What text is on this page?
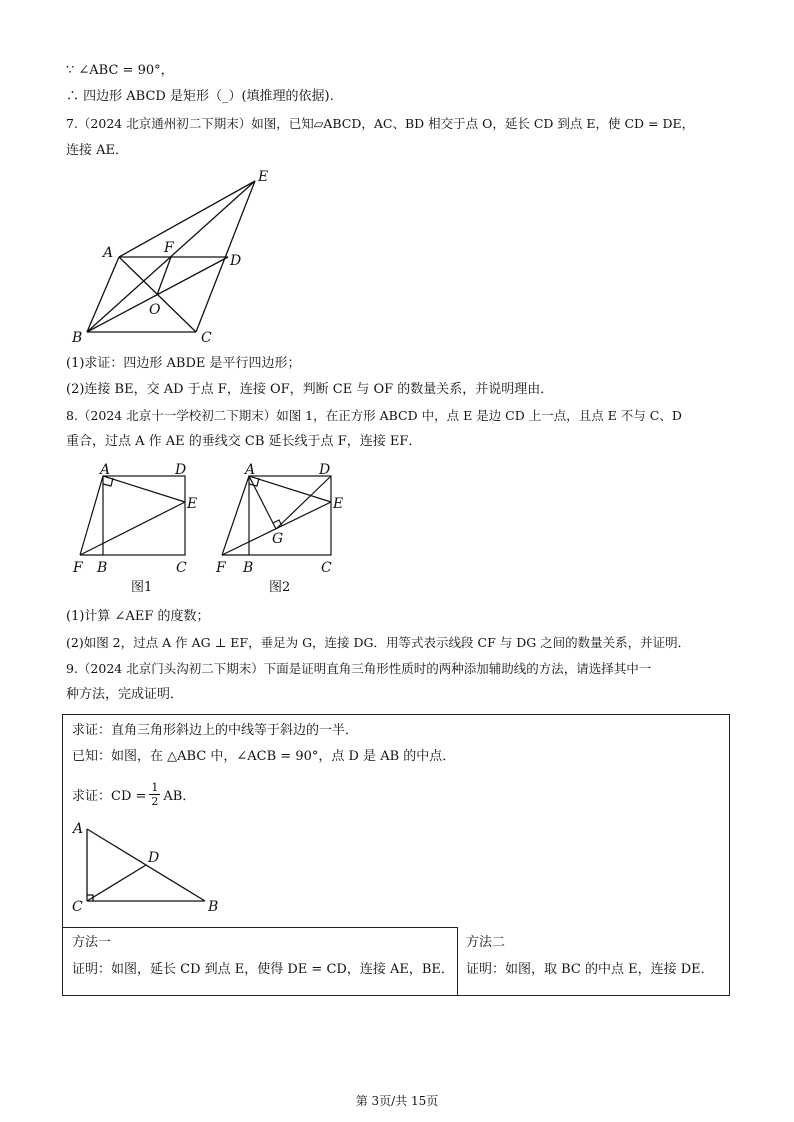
∵ ∠ABC = 90°，
∴ 四边形 ABCD 是矩形（_）(填推理的依据).
7.（2024 北京通州初二下期末）如图，已知▱ABCD，AC、BD 相交于点 O，延长 CD 到点 E，使 CD = DE，
连接 AE．
A
B	C
D
E
F
O
(1)求证：四边形 ABDE 是平行四边形；
(2)连接 BE，交 AD 于点 F，连接 OF，判断 CE 与 OF 的数量关系，并说明理由．
8.（2024 北京十一学校初二下期末）如图 1，在正方形 ABCD 中，点 E 是边 CD 上一点，且点 E 不与 C、D
重合，过点 A 作 AE 的垂线交 CB 延长线于点 F，连接 EF．
A	D
E
F B	C
图1
A	D
E
G
F B	C
图2
(1)计算 ∠AEF 的度数；
(2)如图 2，过点 A 作 AG ⊥ EF，垂足为 G，连接 DG．用等式表示线段 CF 与 DG 之间的数量关系，并证明．
9.（2024 北京门头沟初二下期末）下面是证明直角三角形性质时的两种添加辅助线的方法，请选择其中一
种方法，完成证明．
求证：直角三角形斜边上的中线等于斜边的一半．
已知：如图，在 △ABC 中，∠ACB = 90°，点 D 是 AB 的中点．
求证：CD = $\frac{1}{2}$ AB．
A
D
C	B
方法一
证明：如图，延长 CD 到点 E，使得 DE = CD，连接 AE，BE．
方法二
证明：如图，取 BC 的中点 E，连接 DE．
第 3页/共 15页
